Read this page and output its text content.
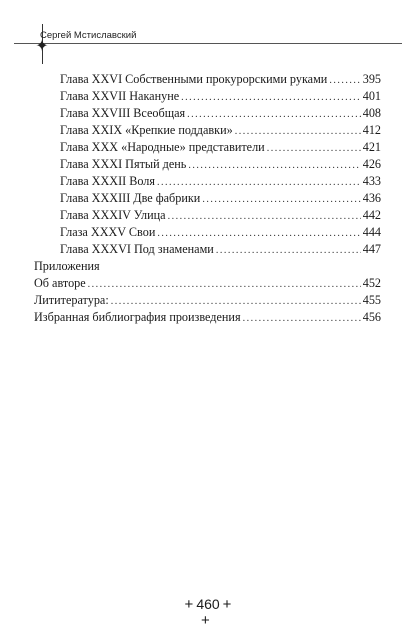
✦
Сергей Мстиславский
Глава XXVI Собственными прокурорскими руками .....	395
Глава XXVII Накануне .....	401
Глава XXVIII Всеобщая .....	408
Глава XXIX «Крепкие поддавки» .....	412
Глава XXX «Народные» представители .....	421
Глава XXXI Пятый день .....	426
Глава XXXII Воля .....	433
Глава XXXIII Две фабрики .....	436
Глава XXXIV Улица .....	442
Глаза XXXV Свои .....	444
Глава XXXVI Под знаменами .....	447
Приложения
Об авторе .....	452
Лититература: .....	455
Избранная библиография произведения .....	456
+ 460 +
+
